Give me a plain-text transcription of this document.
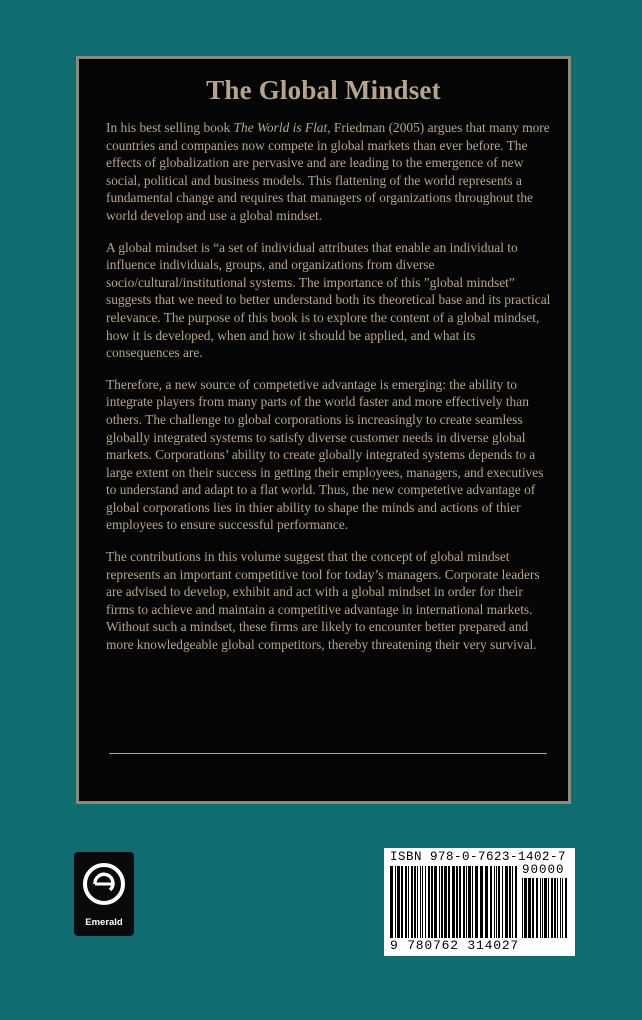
The Global Mindset

In his best selling book The World is Flat, Friedman (2005) argues that many more countries and companies now compete in global markets than ever before. The effects of globalization are pervasive and are leading to the emergence of new social, political and business models. This flattening of the world represents a fundamental change and requires that managers of organizations throughout the world develop and use a global mindset.

A global mindset is “a set of individual attributes that enable an individual to influence individuals, groups, and organizations from diverse socio/cultural/institutional systems. The importance of this ”global mindset” suggests that we need to better understand both its theoretical base and its practical relevance. The purpose of this book is to explore the content of a global mindset, how it is developed, when and how it should be applied, and what its consequences are.

Therefore, a new source of competetive advantage is emerging: the ability to integrate players from many parts of the world faster and more effectively than others. The challenge to global corporations is increasingly to create seamless globally integrated systems to satisfy diverse customer needs in diverse global markets. Corporations’ ability to create globally integrated systems depends to a large extent on their success in getting their employees, managers, and executives to understand and adapt to a flat world. Thus, the new competetive advantage of global corporations lies in thier ability to shape the minds and actions of thier employees to ensure successful performance.

The contributions in this volume suggest that the concept of global mindset represents an important competitive tool for today’s managers. Corporate leaders are advised to develop, exhibit and act with a global mindset in order for their firms to achieve and maintain a competitive advantage in international markets. Without such a mindset, these firms are likely to encounter better prepared and more knowledgeable global competitors, thereby threatening their very survival.

Emerald
ISBN 978-0-7623-1402-7
90000
9 780762 314027
